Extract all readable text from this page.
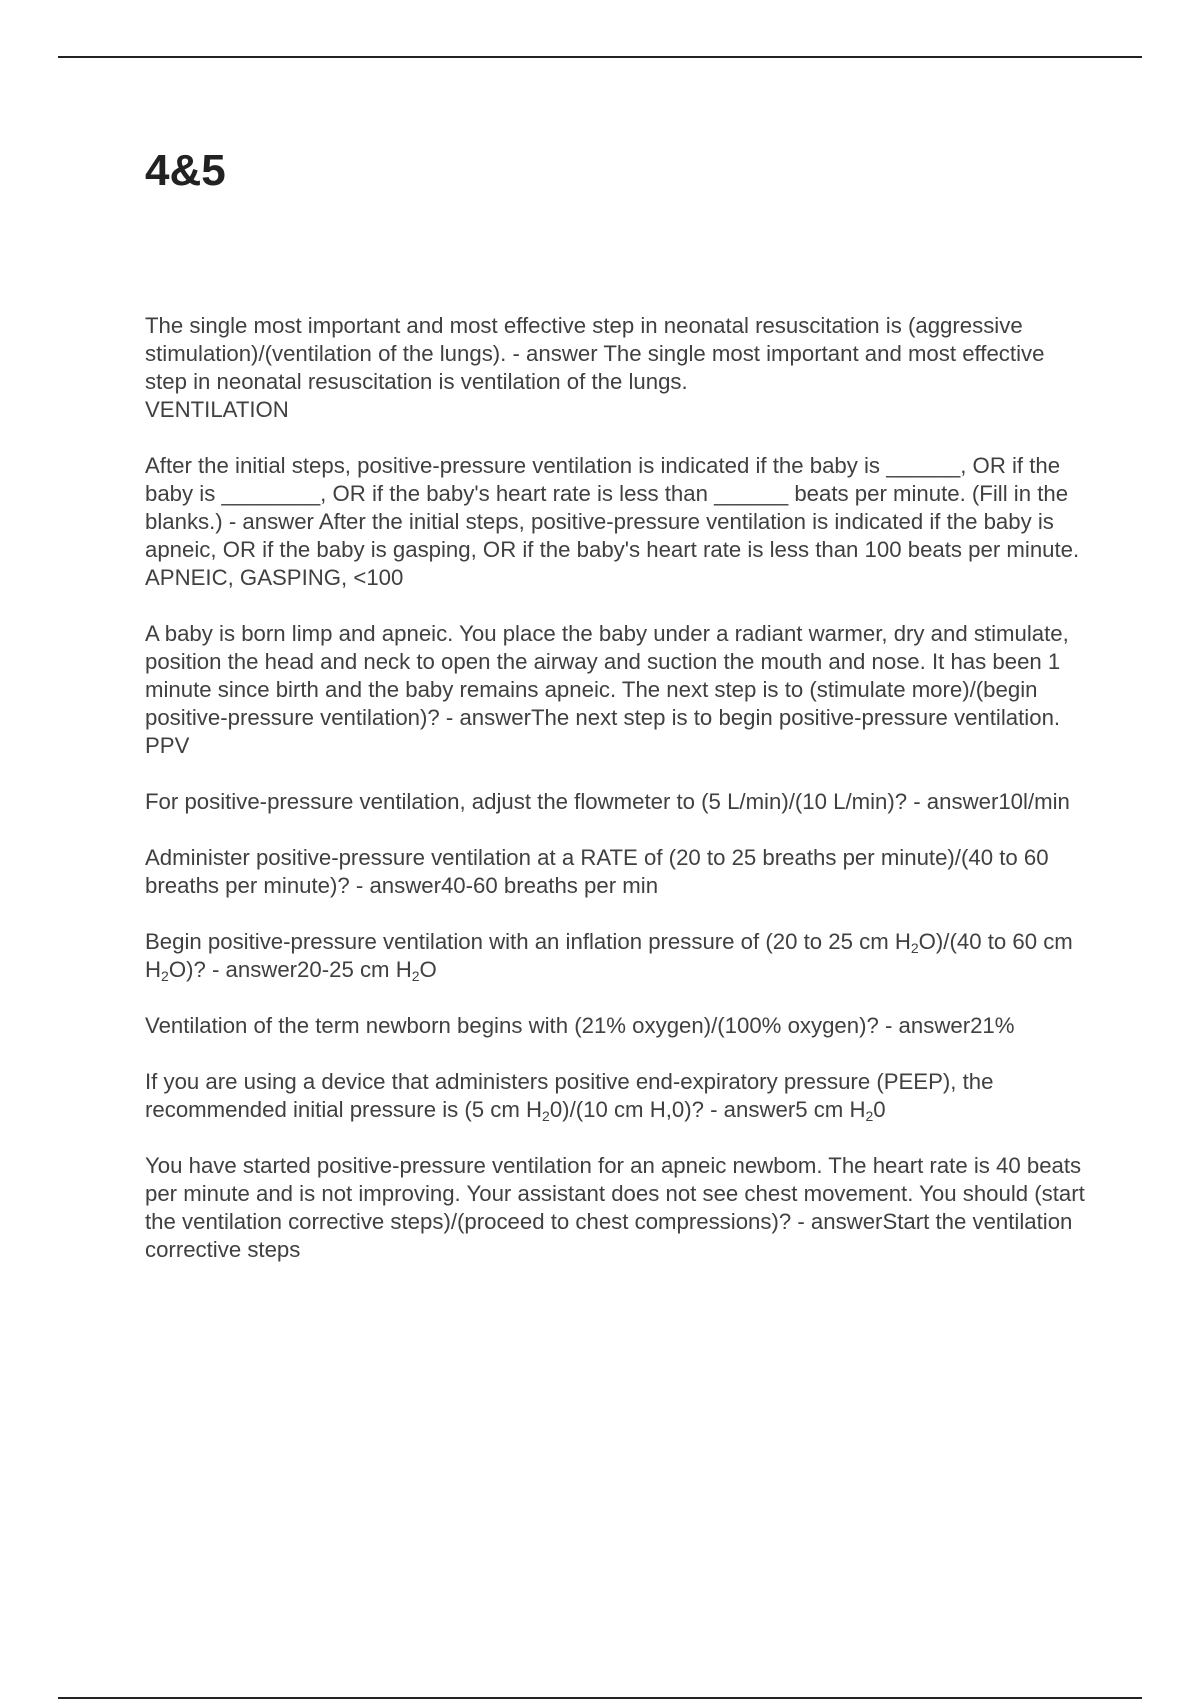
4&5

The single most important and most effective step in neonatal resuscitation is (aggressive stimulation)/(ventilation of the lungs). - answer The single most important and most effective step in neonatal resuscitation is ventilation of the lungs.
VENTILATION

After the initial steps, positive-pressure ventilation is indicated if the baby is ______, OR if the baby is ________, OR if the baby's heart rate is less than ______ beats per minute. (Fill in the blanks.) - answer After the initial steps, positive-pressure ventilation is indicated if the baby is apneic, OR if the baby is gasping, OR if the baby's heart rate is less than 100 beats per minute.
APNEIC, GASPING, <100

A baby is born limp and apneic. You place the baby under a radiant warmer, dry and stimulate, position the head and neck to open the airway and suction the mouth and nose. It has been 1 minute since birth and the baby remains apneic. The next step is to (stimulate more)/(begin positive-pressure ventilation)? - answerThe next step is to begin positive-pressure ventilation.
PPV

For positive-pressure ventilation, adjust the flowmeter to (5 L/min)/(10 L/min)? - answer10l/min

Administer positive-pressure ventilation at a RATE of (20 to 25 breaths per minute)/(40 to 60 breaths per minute)? - answer40-60 breaths per min

Begin positive-pressure ventilation with an inflation pressure of (20 to 25 cm $H_2O)/(40$ to 60 cm $H_2O$)? - answer20-25 cm $H_2O$

Ventilation of the term newborn begins with (21% oxygen)/(100% oxygen)? - answer21%

If you are using a device that administers positive end-expiratory pressure (PEEP), the recommended initial pressure is (5 cm $H_20)/(10$ cm H,0)? - answer5 cm $H_20$

You have started positive-pressure ventilation for an apneic newbom. The heart rate is 40 beats per minute and is not improving. Your assistant does not see chest movement. You should (start the ventilation corrective steps)/(proceed to chest compressions)? - answerStart the ventilation corrective steps
